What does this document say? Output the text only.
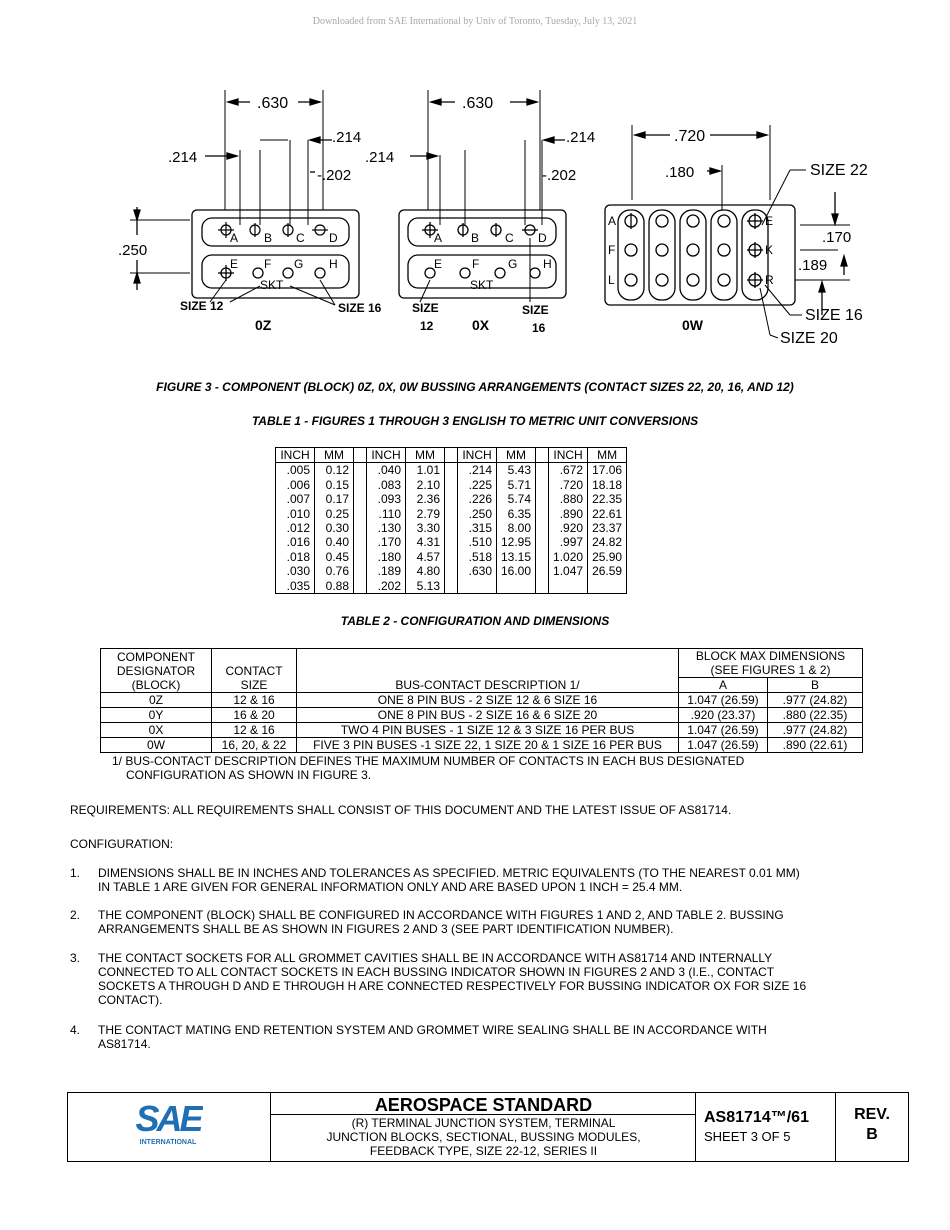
Downloaded from SAE International by Univ of Toronto, Tuesday, July 13, 2021
.630
.214
.214
-.202
.250
A B C D
E F G H
SKT
SIZE 12	SIZE 16
0Z
.630
.214
.214
-.202
A B C D
E F G H
SKT
SIZE
12
SIZE
16
0X
.720
.180	SIZE 22
A
F
L
E
K
R
.170
.189
SIZE 16
SIZE 20
0W
FIGURE 3 - COMPONENT (BLOCK) 0Z, 0X, 0W BUSSING ARRANGEMENTS (CONTACT SIZES 22, 20, 16, AND 12)
TABLE 1 - FIGURES 1 THROUGH 3 ENGLISH TO METRIC UNIT CONVERSIONS
INCH	MM		INCH	MM		INCH	MM		INCH	MM
.005	0.12		.040	1.01		.214	5.43		.672	17.06
.006	0.15		.083	2.10		.225	5.71		.720	18.18
.007	0.17		.093	2.36		.226	5.74		.880	22.35
.010	0.25		.110	2.79		.250	6.35		.890	22.61
.012	0.30		.130	3.30		.315	8.00		.920	23.37
.016	0.40		.170	4.31		.510	12.95		.997	24.82
.018	0.45		.180	4.57		.518	13.15		1.020	25.90
.030	0.76		.189	4.80		.630	16.00		1.047	26.59
.035	0.88		.202	5.13						
TABLE 2 - CONFIGURATION AND DIMENSIONS
COMPONENT
DESIGNATOR
(BLOCK)	CONTACT
SIZE	BUS-CONTACT DESCRIPTION 1/	BLOCK MAX DIMENSIONS
(SEE FIGURES 1 & 2)	
			A	B
0Z	12 & 16	ONE 8 PIN BUS - 2 SIZE 12 & 6 SIZE 16	1.047 (26.59)	.977 (24.82)
0Y	16 & 20	ONE 8 PIN BUS - 2 SIZE 16 & 6 SIZE 20	.920 (23.37)	.880 (22.35)
0X	12 & 16	TWO 4 PIN BUSES - 1 SIZE 12 & 3 SIZE 16 PER BUS	1.047 (26.59)	.977 (24.82)
0W	16, 20, & 22	FIVE 3 PIN BUSES -1 SIZE 22, 1 SIZE 20 & 1 SIZE 16 PER BUS	1.047 (26.59)	.890 (22.61)
1/ BUS-CONTACT DESCRIPTION DEFINES THE MAXIMUM NUMBER OF CONTACTS IN EACH BUS DESIGNATED
CONFIGURATION AS SHOWN IN FIGURE 3.
REQUIREMENTS: ALL REQUIREMENTS SHALL CONSIST OF THIS DOCUMENT AND THE LATEST ISSUE OF AS81714.
CONFIGURATION:
1. DIMENSIONS SHALL BE IN INCHES AND TOLERANCES AS SPECIFIED. METRIC EQUIVALENTS (TO THE NEAREST 0.01 MM)
IN TABLE 1 ARE GIVEN FOR GENERAL INFORMATION ONLY AND ARE BASED UPON 1 INCH = 25.4 MM.
2. THE COMPONENT (BLOCK) SHALL BE CONFIGURED IN ACCORDANCE WITH FIGURES 1 AND 2, AND TABLE 2. BUSSING
ARRANGEMENTS SHALL BE AS SHOWN IN FIGURES 2 AND 3 (SEE PART IDENTIFICATION NUMBER).
3. THE CONTACT SOCKETS FOR ALL GROMMET CAVITIES SHALL BE IN ACCORDANCE WITH AS81714 AND INTERNALLY
CONNECTED TO ALL CONTACT SOCKETS IN EACH BUSSING INDICATOR SHOWN IN FIGURES 2 AND 3 (I.E., CONTACT
SOCKETS A THROUGH D AND E THROUGH H ARE CONNECTED RESPECTIVELY FOR BUSSING INDICATOR OX FOR SIZE 16
CONTACT).
4. THE CONTACT MATING END RETENTION SYSTEM AND GROMMET WIRE SEALING SHALL BE IN ACCORDANCE WITH
AS81714.
SAE
INTERNATIONAL
AEROSPACE STANDARD
(R) TERMINAL JUNCTION SYSTEM, TERMINAL
JUNCTION BLOCKS, SECTIONAL, BUSSING MODULES,
FEEDBACK TYPE, SIZE 22-12, SERIES II
AS81714™/61
SHEET 3 OF 5
REV.
B
